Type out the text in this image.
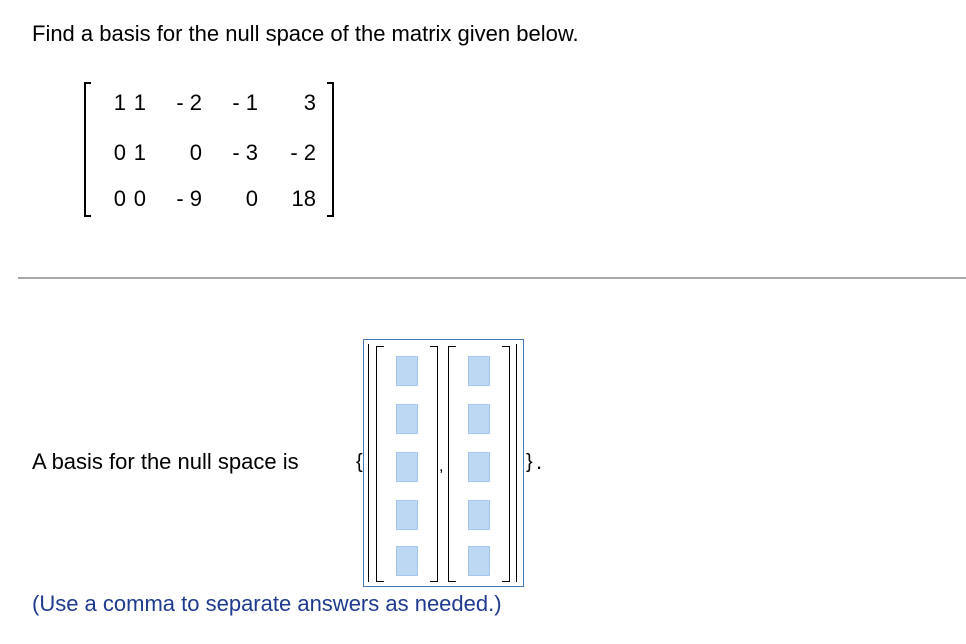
Find a basis for the null space of the matrix given below.
1 1	- 2	- 1	3
0 1	0	- 3	- 2
0 0	- 9	0	18
A basis for the null space is	{	} .
,
(Use a comma to separate answers as needed.)
